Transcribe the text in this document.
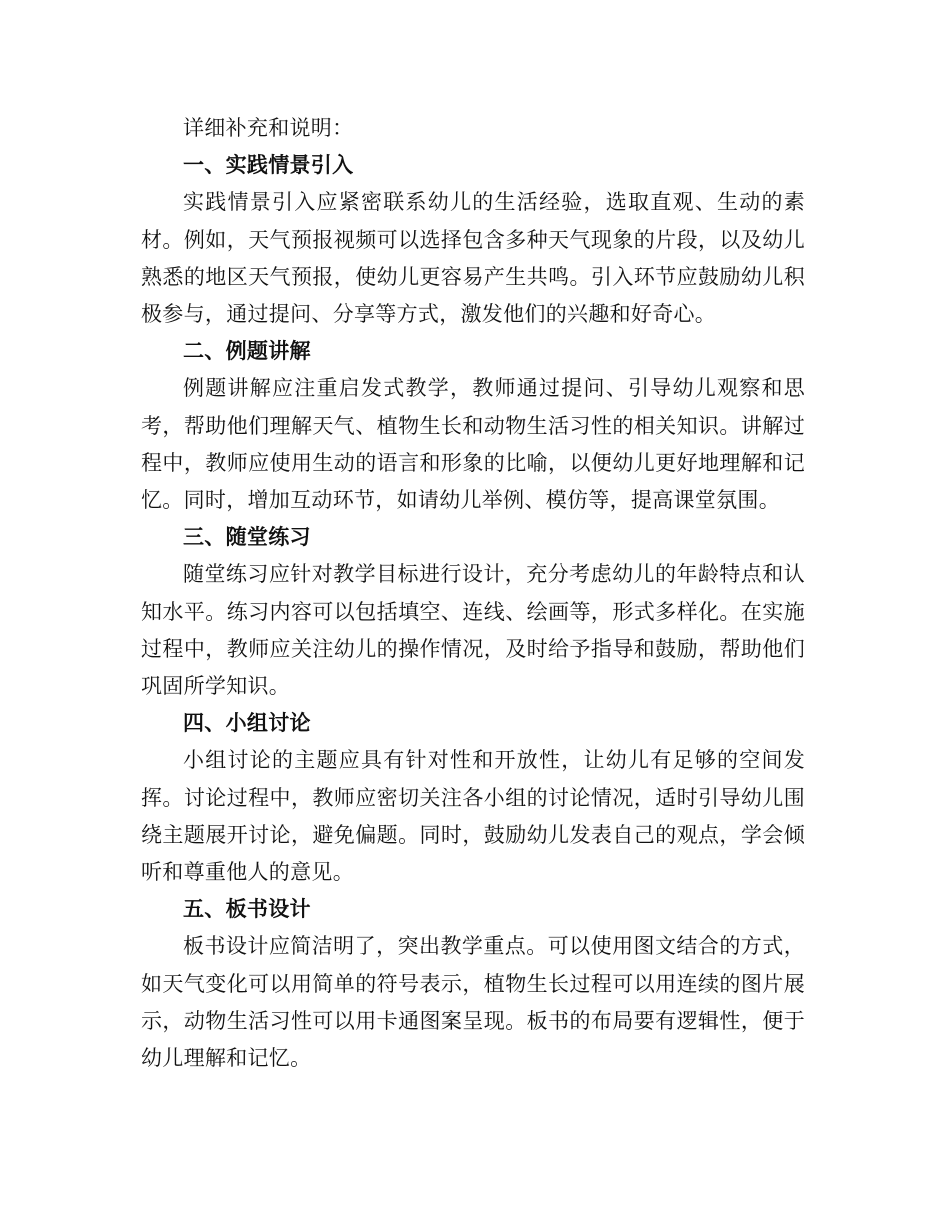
详细补充和说明：

一、实践情景引入

实践情景引入应紧密联系幼儿的生活经验，选取直观、生动的素材。例如，天气预报视频可以选择包含多种天气现象的片段，以及幼儿熟悉的地区天气预报，使幼儿更容易产生共鸣。引入环节应鼓励幼儿积极参与，通过提问、分享等方式，激发他们的兴趣和好奇心。

二、例题讲解

例题讲解应注重启发式教学，教师通过提问、引导幼儿观察和思考，帮助他们理解天气、植物生长和动物生活习性的相关知识。讲解过程中，教师应使用生动的语言和形象的比喻，以便幼儿更好地理解和记忆。同时，增加互动环节，如请幼儿举例、模仿等，提高课堂氛围。

三、随堂练习

随堂练习应针对教学目标进行设计，充分考虑幼儿的年龄特点和认知水平。练习内容可以包括填空、连线、绘画等，形式多样化。在实施过程中，教师应关注幼儿的操作情况，及时给予指导和鼓励，帮助他们巩固所学知识。

四、小组讨论

小组讨论的主题应具有针对性和开放性，让幼儿有足够的空间发挥。讨论过程中，教师应密切关注各小组的讨论情况，适时引导幼儿围绕主题展开讨论，避免偏题。同时，鼓励幼儿发表自己的观点，学会倾听和尊重他人的意见。

五、板书设计

板书设计应简洁明了，突出教学重点。可以使用图文结合的方式，如天气变化可以用简单的符号表示，植物生长过程可以用连续的图片展示，动物生活习性可以用卡通图案呈现。板书的布局要有逻辑性，便于幼儿理解和记忆。
